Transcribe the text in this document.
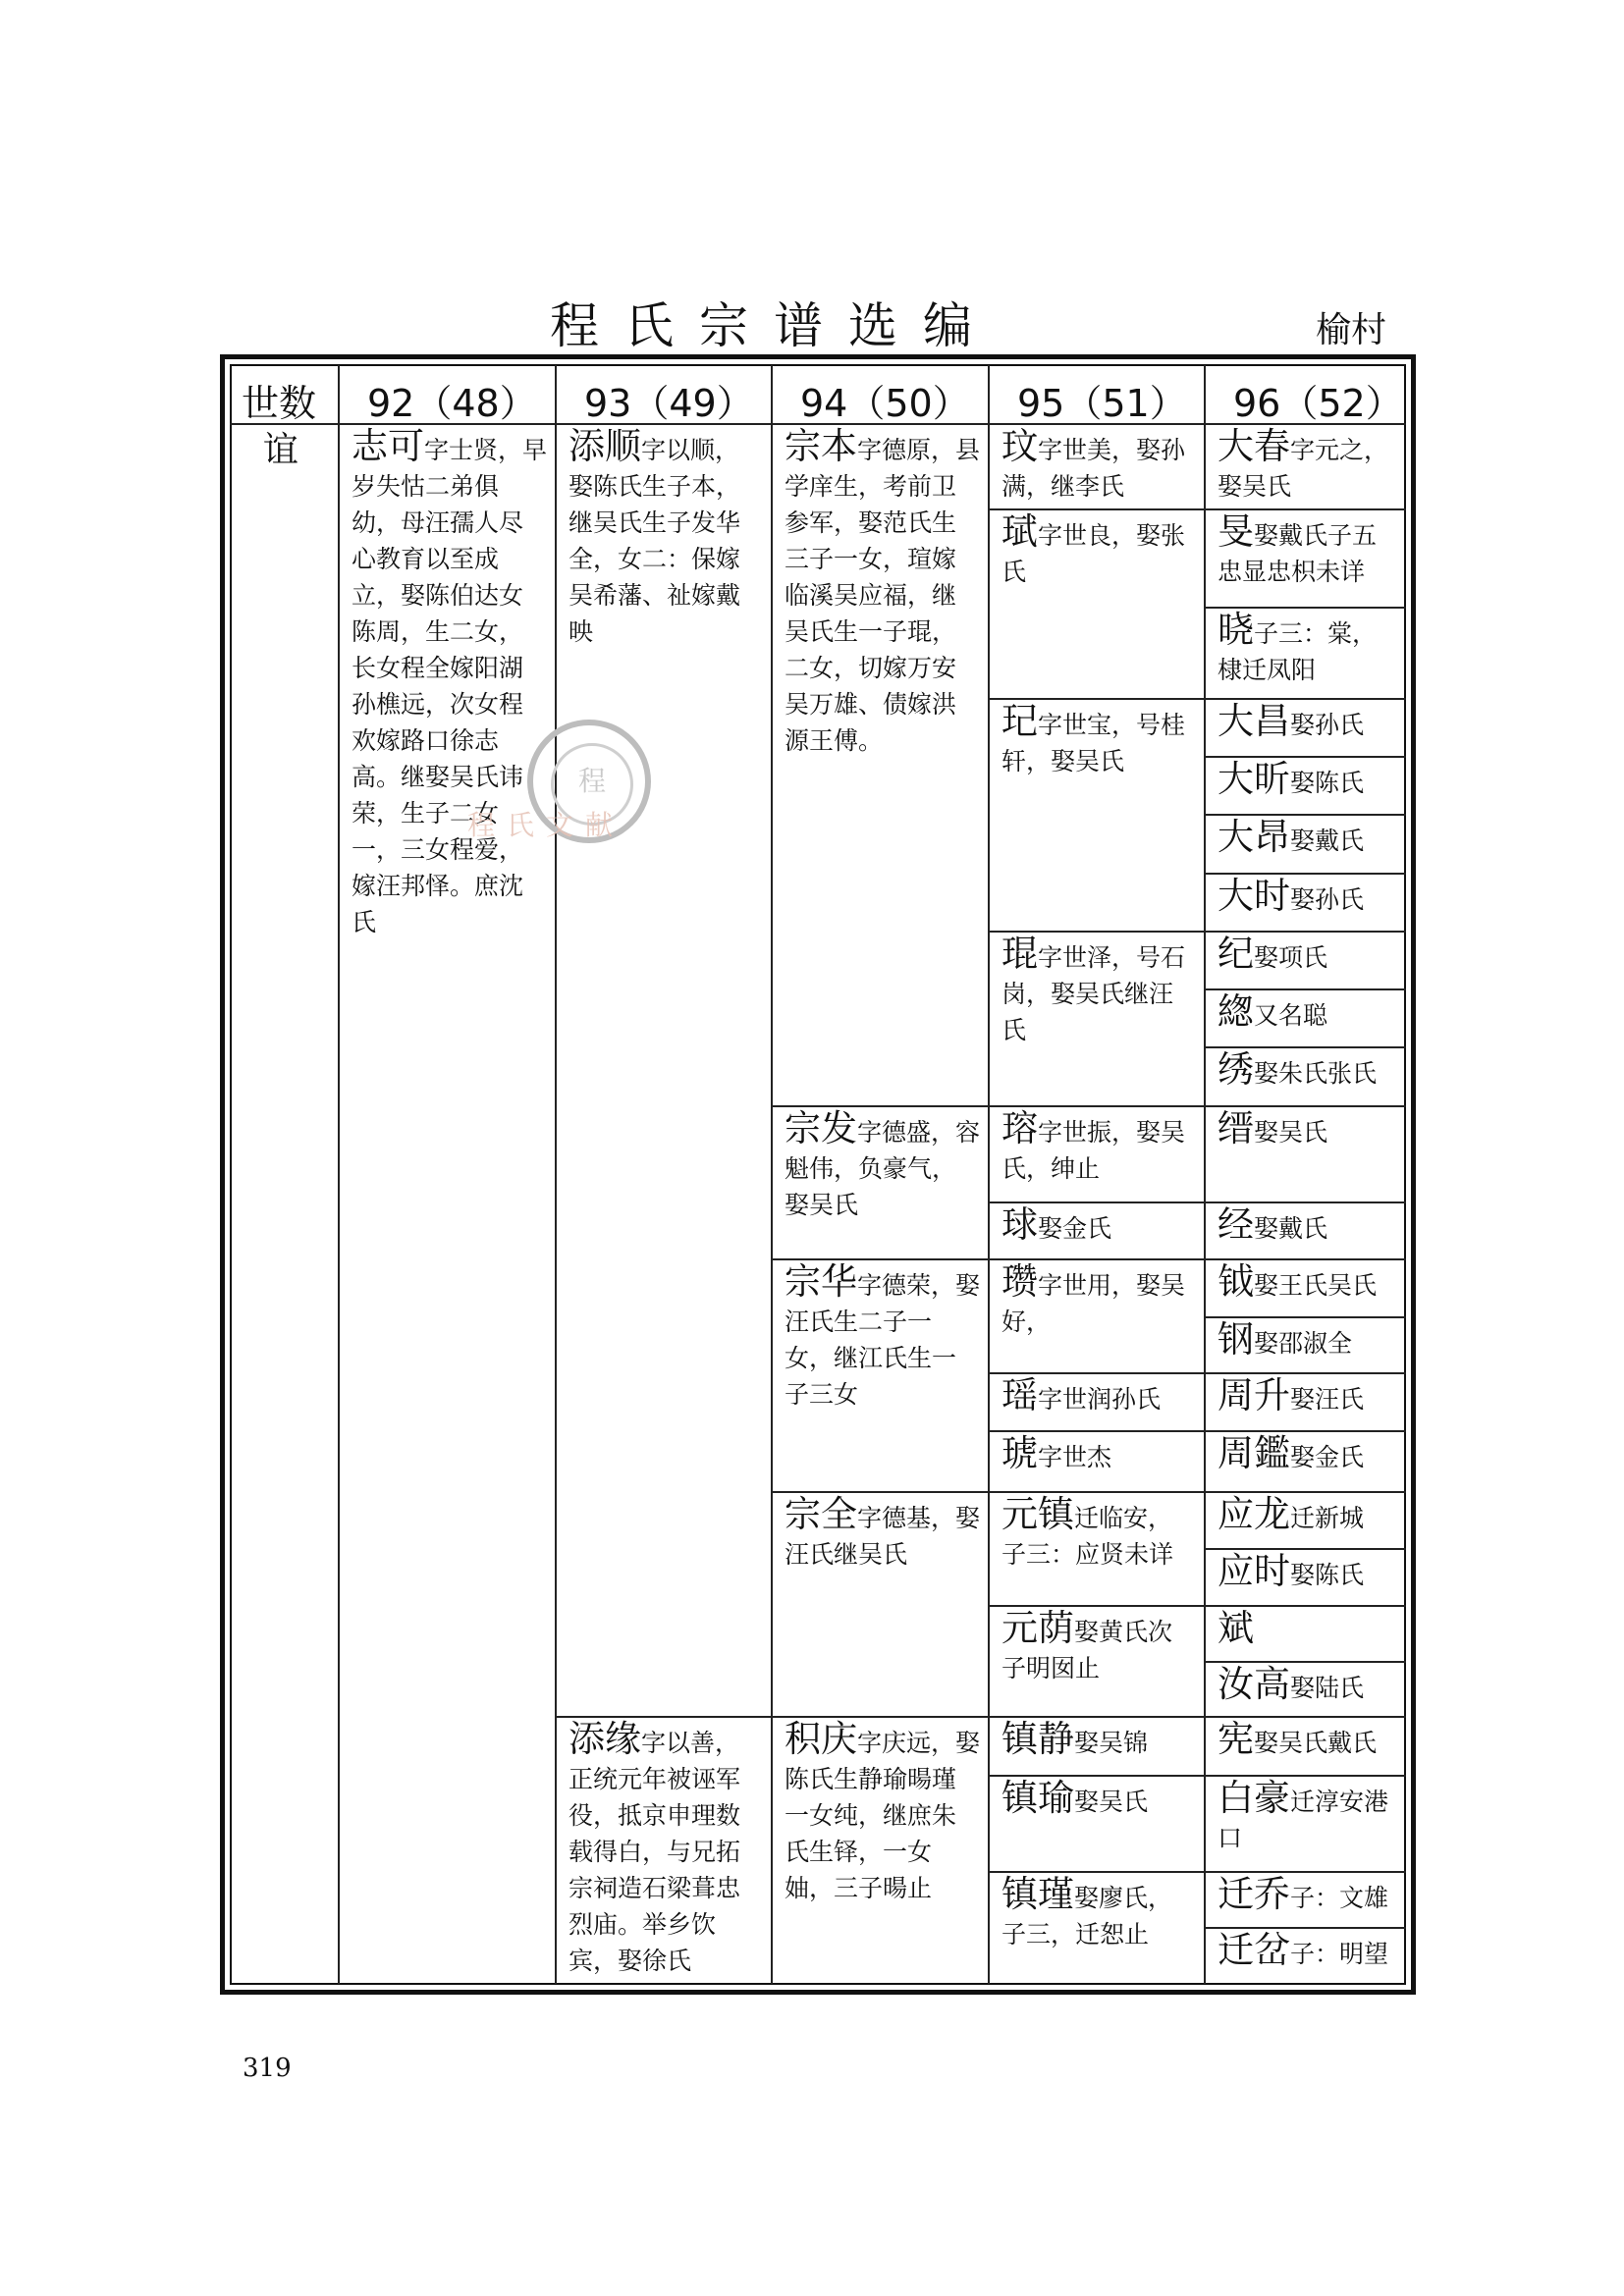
程氏宗谱选编	榆村
世数 92（48） 93（49） 94（50） 95（51） 96（52）
谊 志可字士贤，早岁失怙二弟俱幼，母汪孺人尽心教育以至成立，娶陈伯达女陈周，生二女，长女程全嫁阳湖孙樵远，次女程欢嫁路口徐志高。继娶吴氏讳荣，生子二女一，三女程爱，嫁汪邦怿。庶沈氏
添顺字以顺，娶陈氏生子本，继吴氏生子发华全，女二：保嫁吴希藩、祉嫁戴映
添缘字以善，正统元年被诬军役，抵京申理数载得白，与兄拓宗祠造石梁葺忠烈庙。举乡饮宾，娶徐氏
宗本字德原，县学庠生，考前卫参军，娶范氏生三子一女，瑄嫁临溪吴应福，继吴氏生一子琨，二女，切嫁万安吴万雄、债嫁洪源王傅。
宗发字德盛，容魁伟，负豪气，娶吴氏
宗华字德荣，娶汪氏生二子一女，继江氏生一子三女
宗全字德基，娶汪氏继吴氏
积庆字庆远，娶陈氏生静瑜暘瑾一女纯，继庶朱氏生铎，一女妯，三子暘止
玟字世美，娶孙满，继李氏
珷字世良，娶张氏
玘字世宝，号桂轩，娶吴氏
琨字世泽，号石岗，娶吴氏继汪氏
瑢字世振，娶吴氏，绅止
球娶金氏
瓒字世用，娶吴好，
瑶字世润孙氏
琥字世杰
元镇迁临安，子三：应贤未详
元荫娶黄氏次子明囡止
镇静娶吴锦
镇瑜娶吴氏
镇瑾娶廖氏，子三，迁恕止
大春字元之，娶吴氏
旻娶戴氏子五忠显忠枳未详
晓子三：棠，棣迁凤阳
大昌娶孙氏
大昕娶陈氏
大昂娶戴氏
大时娶孙氏
纪娶项氏
緫又名聪
绣娶朱氏张氏
缙娶吴氏
经娶戴氏
钺娶王氏吴氏
钢娶邵淑全
周升娶汪氏
周鑑娶金氏
应龙迁新城
应时娶陈氏
斌
汝高娶陆氏
宪娶吴氏戴氏
白豪迁淳安港口
迁乔子：文雄
迁岔子：明望
程
程氏文献
319
